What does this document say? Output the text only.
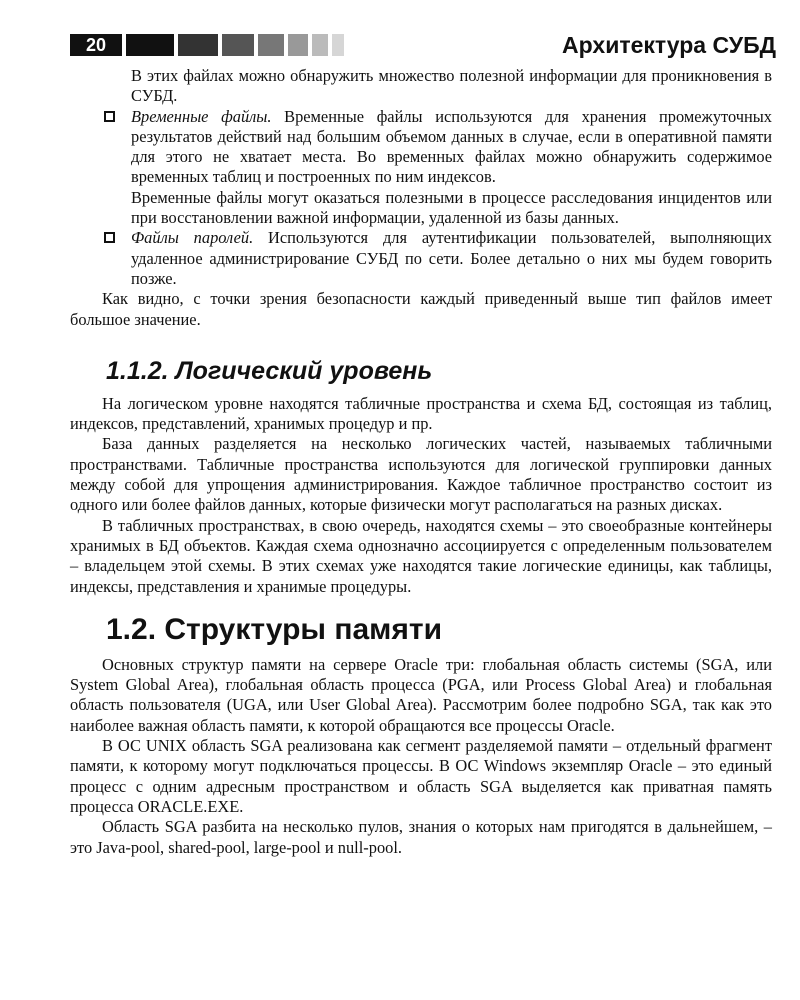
20	Архитектура СУБД

В этих файлах можно обнаружить множество полезной информации для проникновения в СУБД.

Временные файлы. Временные файлы используются для хранения промежуточных результатов действий над большим объемом данных в случае, если в оперативной памяти для этого не хватает места. Во временных файлах можно обнаружить содержимое временных таблиц и построенных по ним индексов.

Временные файлы могут оказаться полезными в процессе расследования инцидентов или при восстановлении важной информации, удаленной из базы данных.

Файлы паролей. Используются для аутентификации пользователей, выполняющих удаленное администрирование СУБД по сети. Более детально о них мы будем говорить позже.

Как видно, с точки зрения безопасности каждый приведенный выше тип файлов имеет большое значение.

1.1.2. Логический уровень

На логическом уровне находятся табличные пространства и схема БД, состоящая из таблиц, индексов, представлений, хранимых процедур и пр.

База данных разделяется на несколько логических частей, называемых табличными пространствами. Табличные пространства используются для логической группировки данных между собой для упрощения администрирования. Каждое табличное пространство состоит из одного или более файлов данных, которые физически могут располагаться на разных дисках.

В табличных пространствах, в свою очередь, находятся схемы – это своеобразные контейнеры хранимых в БД объектов. Каждая схема однозначно ассоциируется с определенным пользователем – владельцем этой схемы. В этих схемах уже находятся такие логические единицы, как таблицы, индексы, представления и хранимые процедуры.

1.2. Структуры памяти

Основных структур памяти на сервере Oracle три: глобальная область системы (SGA, или System Global Area), глобальная область процесса (PGA, или Process Global Area) и глобальная область пользователя (UGA, или User Global Area). Рассмотрим более подробно SGA, так как это наиболее важная область памяти, к которой обращаются все процессы Oracle.

В ОС UNIX область SGA реализована как сегмент разделяемой памяти – отдельный фрагмент памяти, к которому могут подключаться процессы. В ОС Windows экземпляр Oracle – это единый процесс с одним адресным пространством и область SGA выделяется как приватная память процесса ORACLE.EXE.

Область SGA разбита на несколько пулов, знания о которых нам пригодятся в дальнейшем, – это Java-pool, shared-pool, large-pool и null-pool.
